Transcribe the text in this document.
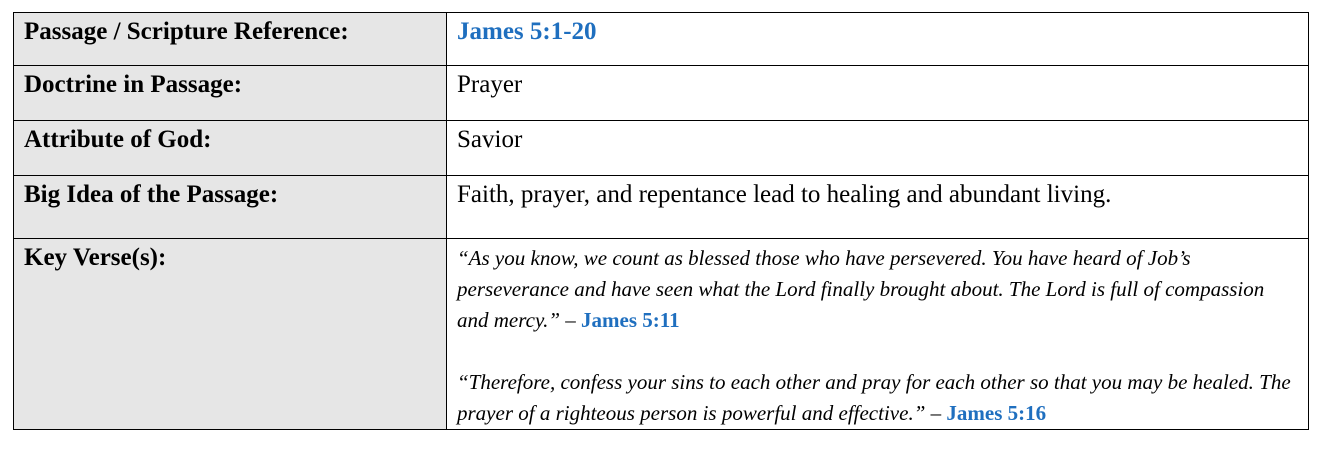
Passage / Scripture Reference:	James 5:1-20
Doctrine in Passage:	Prayer
Attribute of God:	Savior
Big Idea of the Passage:	Faith, prayer, and repentance lead to healing and abundant living.
Key Verse(s):	“As you know, we count as blessed those who have persevered. You have heard of Job’s perseverance and have seen what the Lord finally brought about. The Lord is full of compassion and mercy.” – James 5:11
“Therefore, confess your sins to each other and pray for each other so that you may be healed. The prayer of a righteous person is powerful and effective.” – James 5:16
